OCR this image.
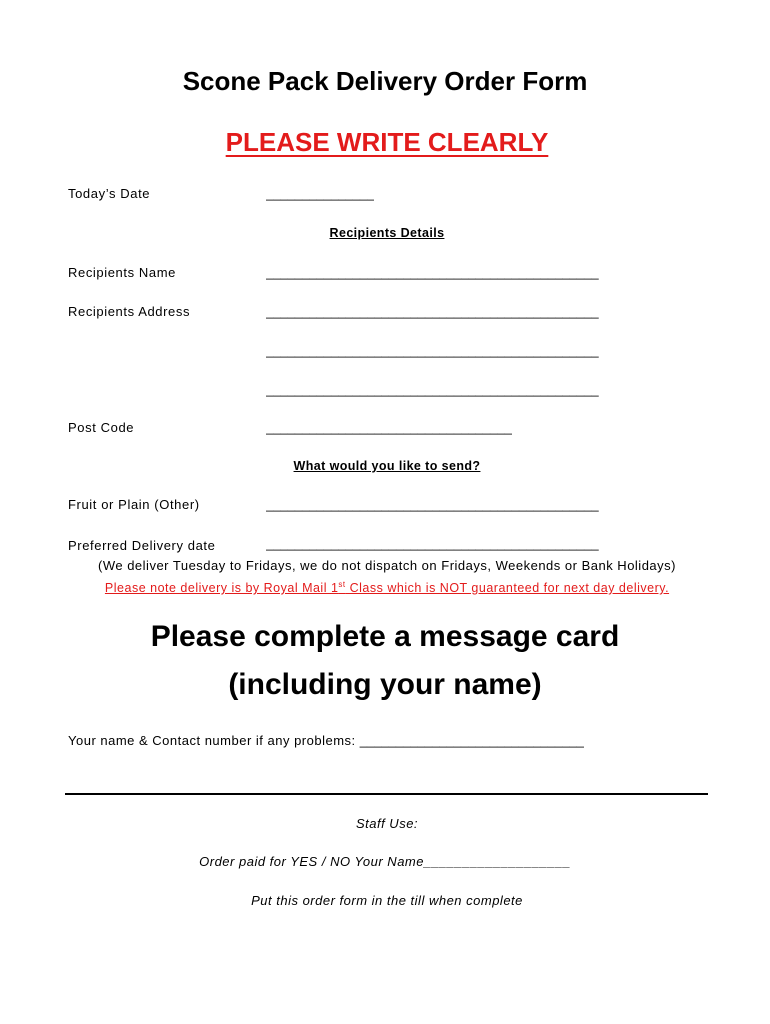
Scone Pack Delivery Order Form
PLEASE WRITE CLEARLY
Today’s Date	_______________
Recipients Details
Recipients Name	______________________________________________
Recipients Address	______________________________________________
______________________________________________
______________________________________________
Post Code	__________________________________
What would you like to send?
Fruit or Plain (Other)	______________________________________________
Preferred Delivery date	______________________________________________
(We deliver Tuesday to Fridays, we do not dispatch on Fridays, Weekends or Bank Holidays)
Please note delivery is by Royal Mail 1st Class which is NOT guaranteed for next day delivery.
Please complete a message card
(including your name)
Your name & Contact number if any problems: _______________________________
Staff Use:
Order paid for YES / NO Your Name___________________
Put this order form in the till when complete
